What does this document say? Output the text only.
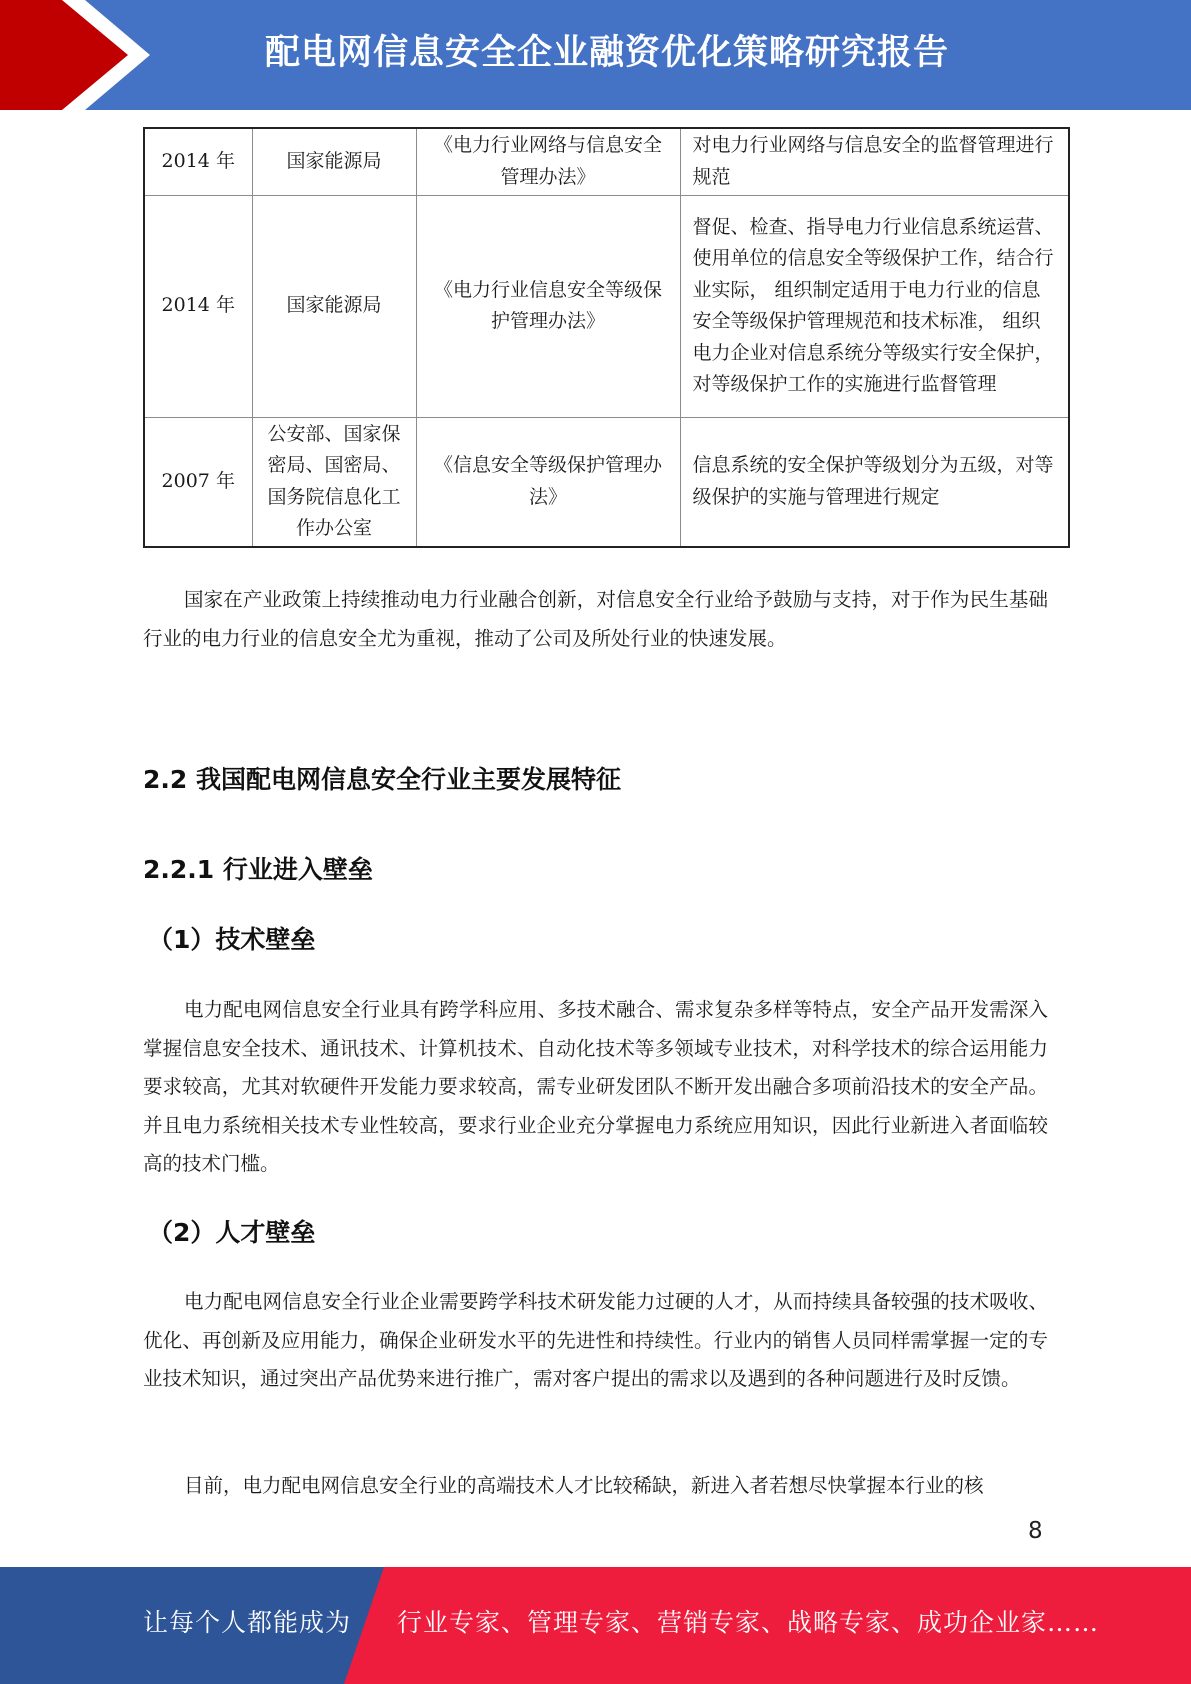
配电网信息安全企业融资优化策略研究报告
2014 年	国家能源局	《电力行业网络与信息安全管理办法》	对电力行业网络与信息安全的监督管理进行规范
2014 年	国家能源局	《电力行业信息安全等级保护管理办法》	督促、检查、指导电力行业信息系统运营、使用单位的信息安全等级保护工作，结合行业实际， 组织制定适用于电力行业的信息安全等级保护管理规范和技术标准， 组织电力企业对信息系统分等级实行安全保护， 对等级保护工作的实施进行监督管理
2007 年	公安部、国家保密局、国密局、国务院信息化工作办公室	《信息安全等级保护管理办法》	信息系统的安全保护等级划分为五级，对等级保护的实施与管理进行规定

国家在产业政策上持续推动电力行业融合创新，对信息安全行业给予鼓励与支持，对于作为民生基础行业的电力行业的信息安全尤为重视，推动了公司及所处行业的快速发展。

2.2 我国配电网信息安全行业主要发展特征
2.2.1 行业进入壁垒
（1）技术壁垒

电力配电网信息安全行业具有跨学科应用、多技术融合、需求复杂多样等特点，安全产品开发需深入掌握信息安全技术、通讯技术、计算机技术、自动化技术等多领域专业技术，对科学技术的综合运用能力要求较高，尤其对软硬件开发能力要求较高，需专业研发团队不断开发出融合多项前沿技术的安全产品。并且电力系统相关技术专业性较高，要求行业企业充分掌握电力系统应用知识，因此行业新进入者面临较高的技术门槛。

（2）人才壁垒

电力配电网信息安全行业企业需要跨学科技术研发能力过硬的人才，从而持续具备较强的技术吸收、优化、再创新及应用能力，确保企业研发水平的先进性和持续性。行业内的销售人员同样需掌握一定的专业技术知识，通过突出产品优势来进行推广，需对客户提出的需求以及遇到的各种问题进行及时反馈。

目前，电力配电网信息安全行业的高端技术人才比较稀缺，新进入者若想尽快掌握本行业的核

8
让每个人都能成为 行业专家、管理专家、营销专家、战略专家、成功企业家……
